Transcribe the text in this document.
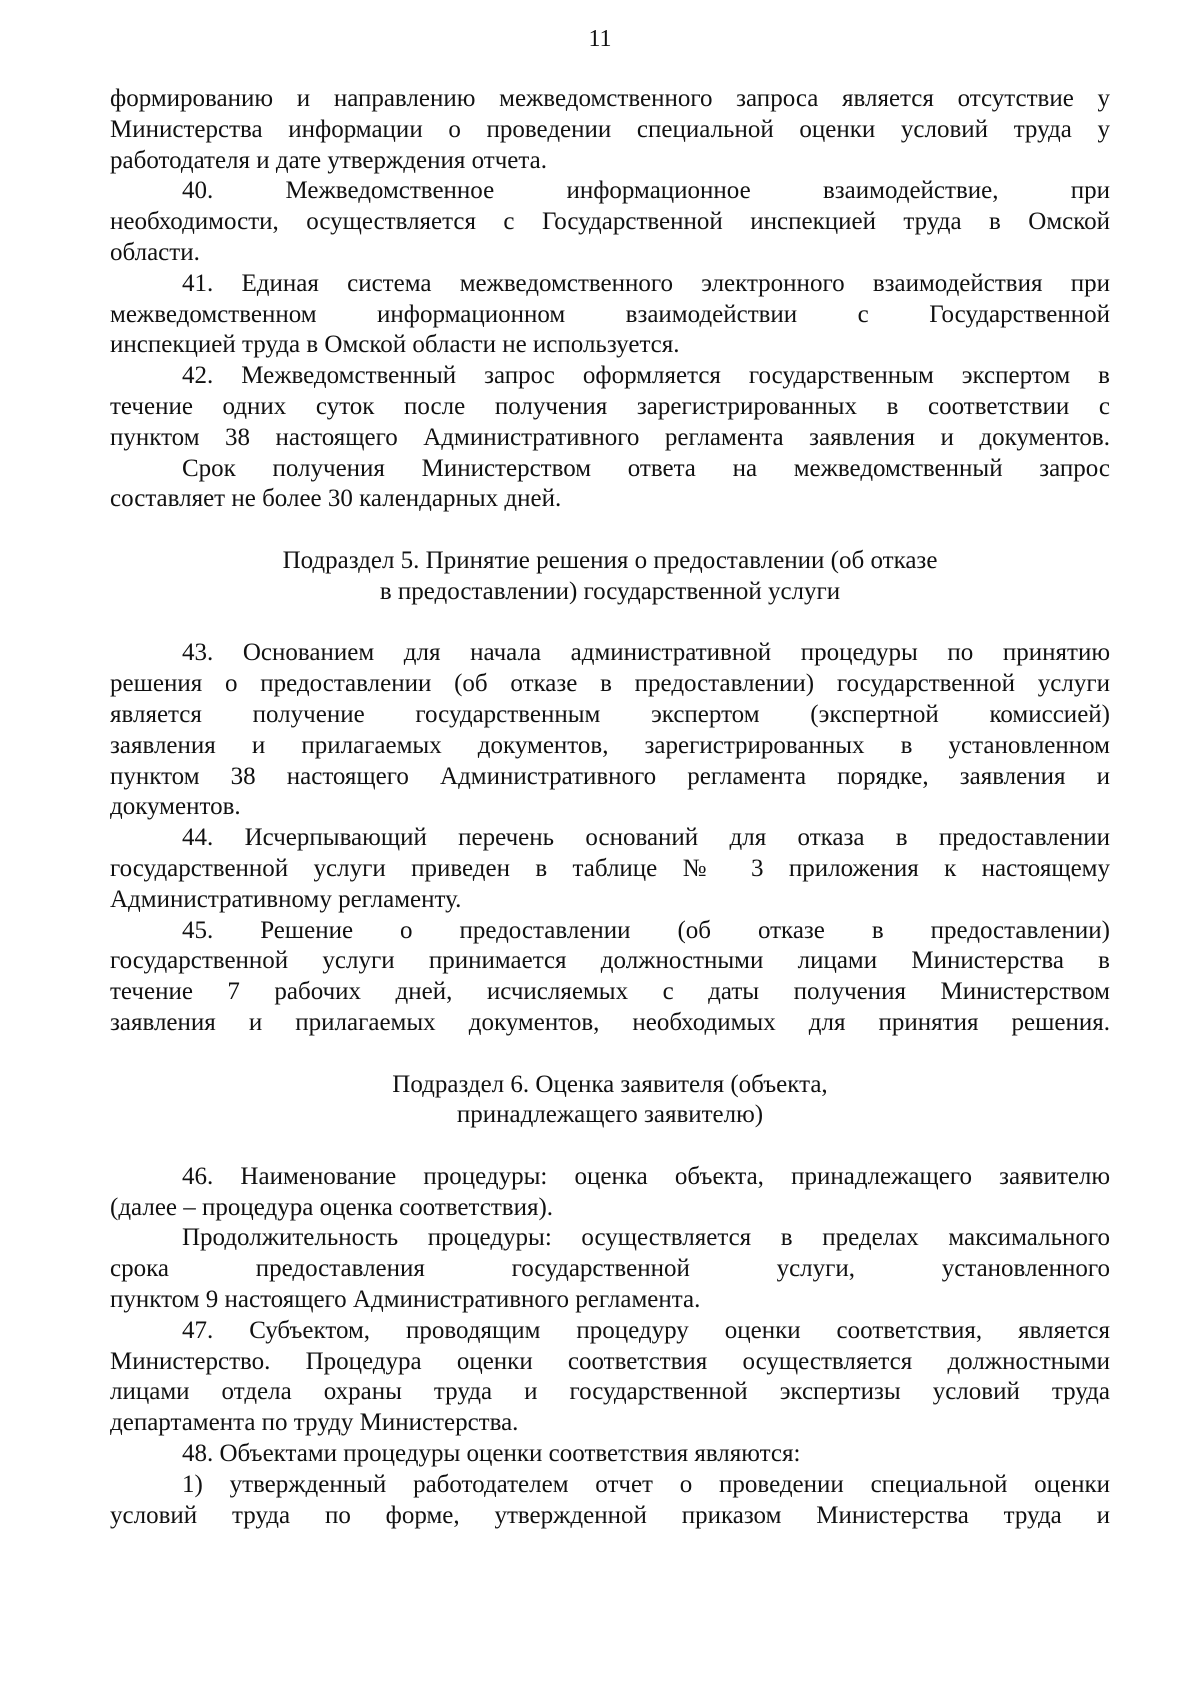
11
формированию и направлению межведомственного запроса является отсутствие у
Министерства информации о проведении специальной оценки условий труда у
работодателя и дате утверждения отчета.
40. Межведомственное информационное взаимодействие, при
необходимости, осуществляется с Государственной инспекцией труда в Омской
области.
41. Единая система межведомственного электронного взаимодействия при
межведомственном информационном взаимодействии с Государственной
инспекцией труда в Омской области не используется.
42. Межведомственный запрос оформляется государственным экспертом в
течение одних суток после получения зарегистрированных в соответствии с
пунктом 38 настоящего Административного регламента заявления и документов.
Срок получения Министерством ответа на межведомственный запрос
составляет не более 30 календарных дней.
Подраздел 5. Принятие решения о предоставлении (об отказе
в предоставлении) государственной услуги
43. Основанием для начала административной процедуры по принятию
решения о предоставлении (об отказе в предоставлении) государственной услуги
является получение государственным экспертом (экспертной комиссией)
заявления и прилагаемых документов, зарегистрированных в установленном
пунктом 38 настоящего Административного регламента порядке, заявления и
документов.
44. Исчерпывающий перечень оснований для отказа в предоставлении
государственной услуги приведен в таблице № 3 приложения к настоящему
Административному регламенту.
45. Решение о предоставлении (об отказе в предоставлении)
государственной услуги принимается должностными лицами Министерства в
течение 7 рабочих дней, исчисляемых с даты получения Министерством
заявления и прилагаемых документов, необходимых для принятия решения.
Подраздел 6. Оценка заявителя (объекта,
принадлежащего заявителю)
46. Наименование процедуры: оценка объекта, принадлежащего заявителю
(далее – процедура оценка соответствия).
Продолжительность процедуры: осуществляется в пределах максимального
срока предоставления государственной услуги, установленного
пунктом 9 настоящего Административного регламента.
47. Субъектом, проводящим процедуру оценки соответствия, является
Министерство. Процедура оценки соответствия осуществляется должностными
лицами отдела охраны труда и государственной экспертизы условий труда
департамента по труду Министерства.
48. Объектами процедуры оценки соответствия являются:
1) утвержденный работодателем отчет о проведении специальной оценки
условий труда по форме, утвержденной приказом Министерства труда и
